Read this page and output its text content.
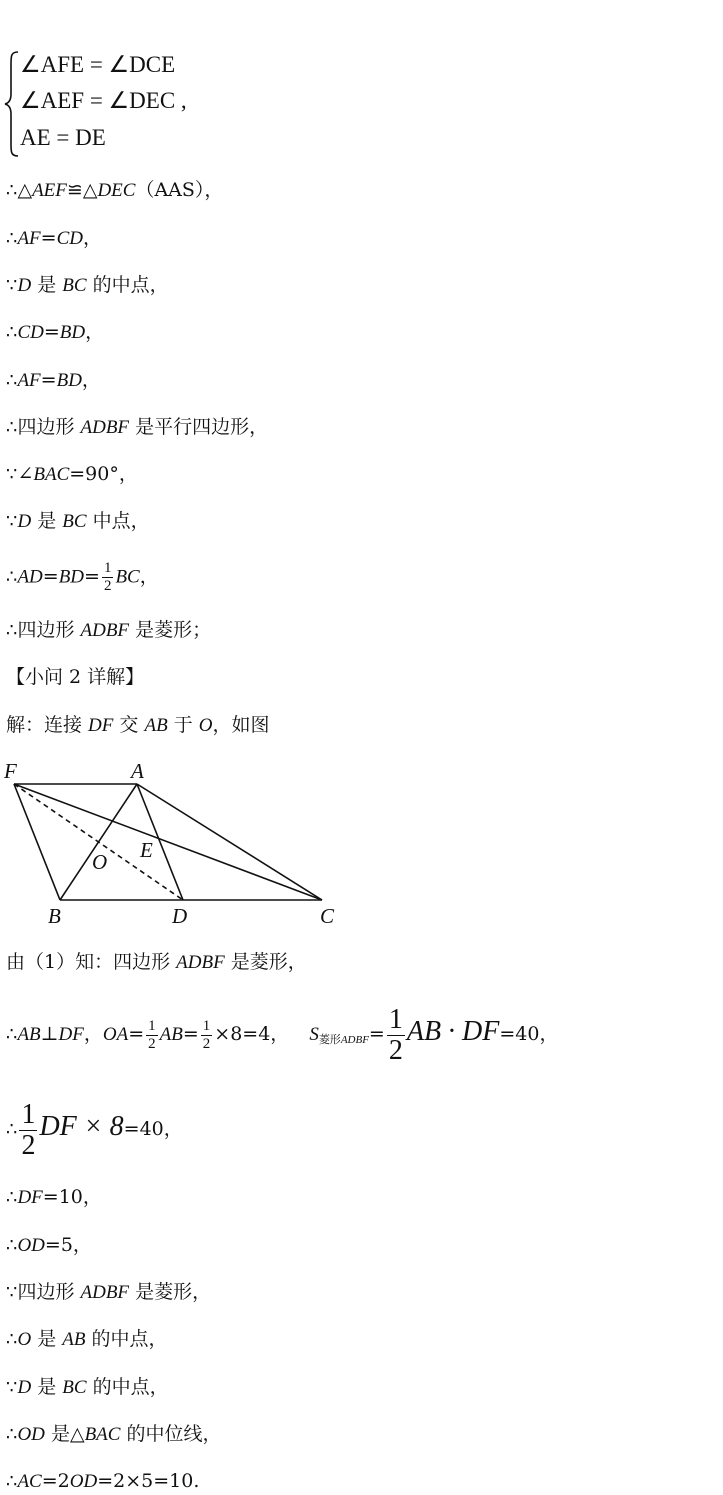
∠AFE = ∠DCE
∠AEF = ∠DEC ,
AE = DE
∴△AEF≌△DEC（AAS），
∴AF=CD，
∵D 是 BC 的中点，
∴CD=BD，
∴AF=BD，
∴四边形 ADBF 是平行四边形，
∵∠BAC=90°，
∵D 是 BC 中点，
∴AD=BD= $\frac{1}{2}$ BC，
∴四边形 ADBF 是菱形；
【小问 2 详解】
解：连接 DF 交 AB 于 O，如图
F	A
E
O
B	D	C
由（1）知：四边形 ADBF 是菱形，
∴AB⊥DF，$OA= \frac{1}{2} AB= \frac{1}{2} \times 8=4$， $S_{菱形ADBF}= \frac{1}{2}$ AB · DF=40，
∴ $\frac{1}{2}$ DF × 8=40，
∴DF=10，
∴OD=5，
∵四边形 ADBF 是菱形，
∴O 是 AB 的中点，
∵D 是 BC 的中点，
∴OD 是△BAC 的中位线，
∴AC=2OD=2×5=10.
